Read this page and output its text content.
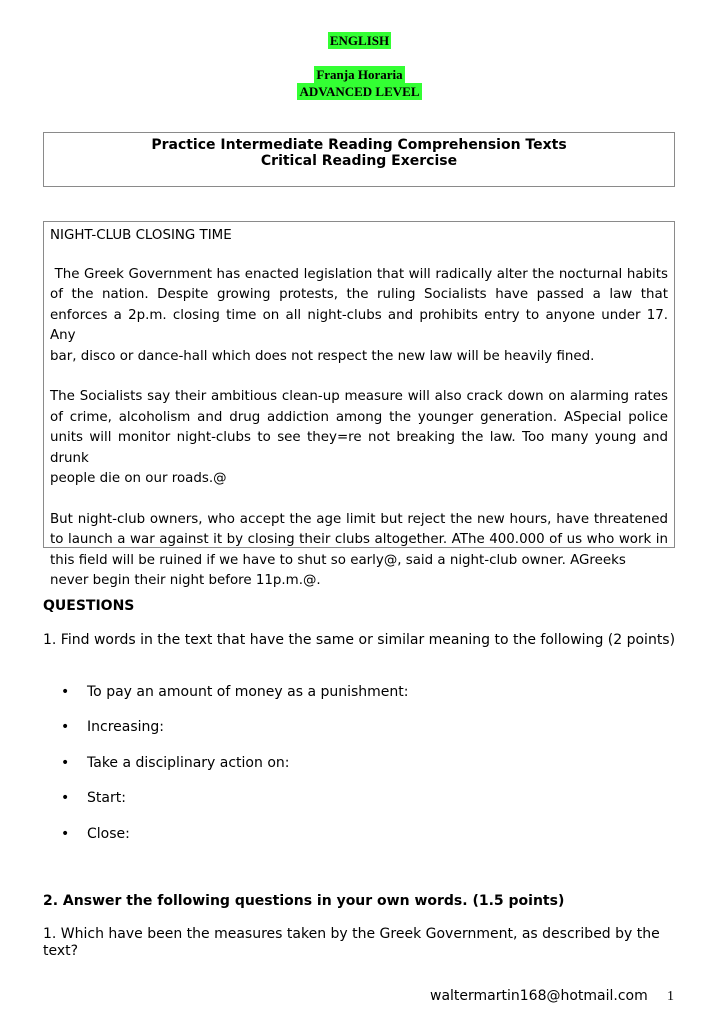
ENGLISH
Franja Horaria
ADVANCED LEVEL
Practice Intermediate Reading Comprehension Texts
Critical Reading Exercise

NIGHT-CLUB CLOSING TIME

The Greek Government has enacted legislation that will radically alter the nocturnal habits of the nation. Despite growing protests, the ruling Socialists have passed a law that enforces a 2p.m. closing time on all night-clubs and prohibits entry to anyone under 17. Any

bar, disco or dance-hall which does not respect the new law will be heavily fined.

The Socialists say their ambitious clean-up measure will also crack down on alarming rates of crime, alcoholism and drug addiction among the younger generation. ASpecial police units will monitor night-clubs to see they=re not breaking the law. Too many young and drunk

people die on our roads.@

But night-club owners, who accept the age limit but reject the new hours, have threatened to launch a war against it by closing their clubs altogether. AThe 400.000 of us who work in this field will be ruined if we have to shut so early@, said a night-club owner. AGreeks

never begin their night before 11p.m.@.

QUESTIONS
1. Find words in the text that have the same or similar meaning to the following (2 points)
• To pay an amount of money as a punishment:
• Increasing:
• Take a disciplinary action on:
• Start:
• Close:
2. Answer the following questions in your own words. (1.5 points)
1. Which have been the measures taken by the Greek Government, as described by the text?
waltermartin168@hotmail.com 1
